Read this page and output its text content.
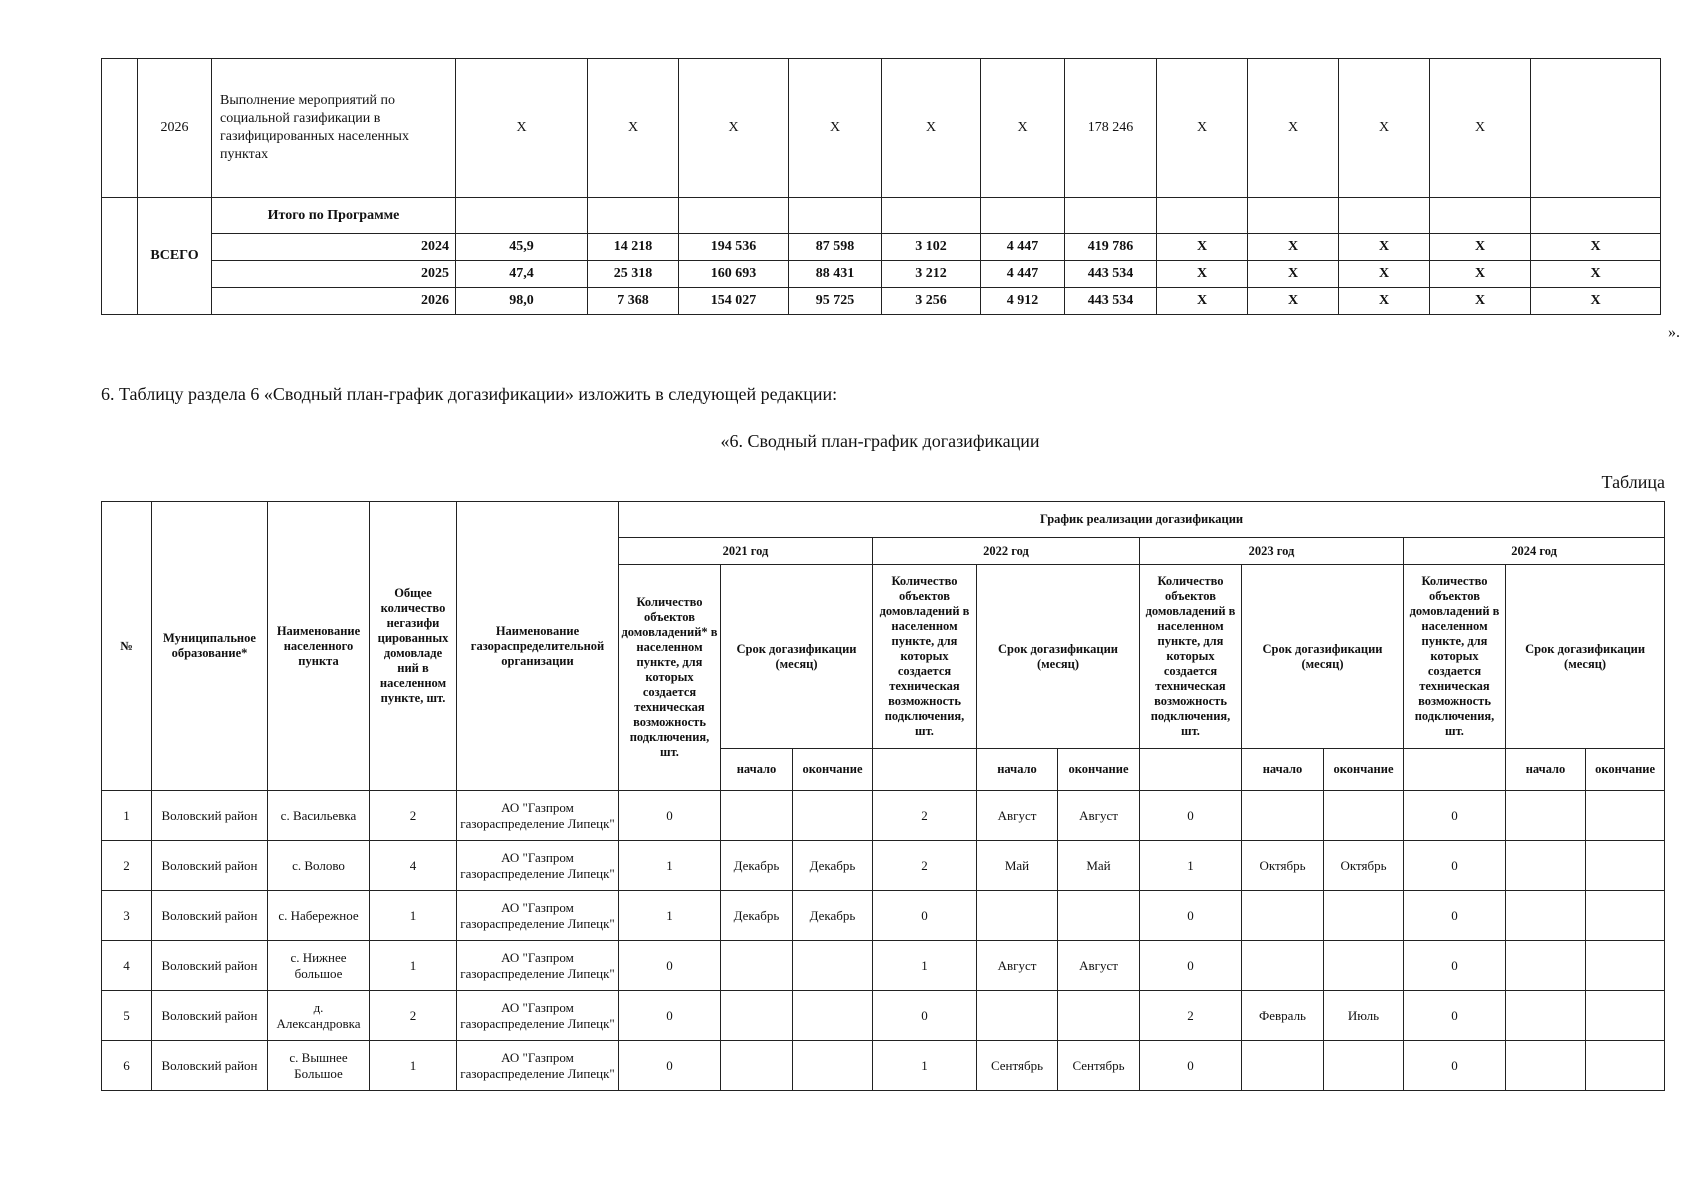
	2026	Выполнение мероприятий по социальной газификации в газифицированных населенных пунктах	Х	Х	Х	Х	Х	Х	178 246	Х	Х	Х	Х	
	ВСЕГО	Итого по Программе												
		2024	45,9	14 218	194 536	87 598	3 102	4 447	419 786	Х	Х	Х	Х	Х
		2025	47,4	25 318	160 693	88 431	3 212	4 447	443 534	Х	Х	Х	Х	Х
		2026	98,0	7 368	154 027	95 725	3 256	4 912	443 534	Х	Х	Х	Х	Х
».
6. Таблицу раздела 6 «Сводный план-график догазификации» изложить в следующей редакции:
«6. Сводный план-график догазификации
Таблица
№	Муниципальное образование*	Наименование населенного пункта	Общее количество негазифи цированных домовладе ний в населенном пункте, шт.	Наименование газораспределительной организации	График реализации догазификации											
					2021 год			2022 год			2023 год			2024 год		
					Количество объектов домовладений* в населенном пункте, для которых создается техническая возможность подключения, шт.	Срок догазификации (месяц)		Количество объектов домовладений в населенном пункте, для которых создается техническая возможность подключения, шт.	Срок догазификации (месяц)		Количество объектов домовладений в населенном пункте, для которых создается техническая возможность подключения, шт.	Срок догазификации (месяц)		Количество объектов домовладений в населенном пункте, для которых создается техническая возможность подключения, шт.	Срок догазификации (месяц)	
						начало	окончание		начало	окончание		начало	окончание		начало	окончание
1	Воловский район	с. Васильевка	2	АО "Газпром газораспределение Липецк"	0			2	Август	Август	0			0		
2	Воловский район	с. Волово	4	АО "Газпром газораспределение Липецк"	1	Декабрь	Декабрь	2	Май	Май	1	Октябрь	Октябрь	0		
3	Воловский район	с. Набережное	1	АО "Газпром газораспределение Липецк"	1	Декабрь	Декабрь	0			0			0		
4	Воловский район	с. Нижнее большое	1	АО "Газпром газораспределение Липецк"	0			1	Август	Август	0			0		
5	Воловский район	д. Александровка	2	АО "Газпром газораспределение Липецк"	0			0			2	Февраль	Июль	0		
6	Воловский район	с. Вышнее Большое	1	АО "Газпром газораспределение Липецк"	0			1	Сентябрь	Сентябрь	0			0		
